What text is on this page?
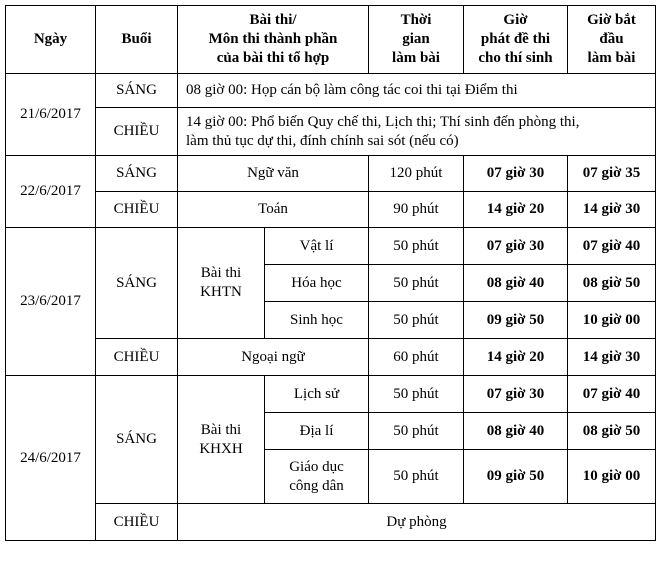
Ngày	Buổi	Bài thi/
Môn thi thành phần
của bài thi tổ hợp		Thời
gian
làm bài	Giờ
phát đề thi
cho thí sinh	Giờ bắt
đầu
làm bài

21/6/2017	SÁNG	08 giờ 00: Họp cán bộ làm công tác coi thi tại Điểm thi				
	CHIỀU	14 giờ 00: Phổ biến Quy chế thi, Lịch thi; Thí sinh đến phòng thi,
làm thủ tục dự thi, đính chính sai sót (nếu có)				

22/6/2017	SÁNG	Ngữ văn		120 phút	07 giờ 30	07 giờ 35
	CHIỀU	Toán		90 phút	14 giờ 20	14 giờ 30
23/6/2017	SÁNG	Bài thi
KHTN	Vật lí	50 phút	07 giờ 30	07 giờ 40
			Hóa học	50 phút	08 giờ 40	08 giờ 50
			Sinh học	50 phút	09 giờ 50	10 giờ 00
	CHIỀU	Ngoại ngữ		60 phút	14 giờ 20	14 giờ 30
24/6/2017	SÁNG	Bài thi
KHXH	Lịch sử	50 phút	07 giờ 30	07 giờ 40
			Địa lí	50 phút	08 giờ 40	08 giờ 50

			Giáo dục
công dân	50 phút	09 giờ 50	10 giờ 00
	CHIỀU	Dự phòng				
